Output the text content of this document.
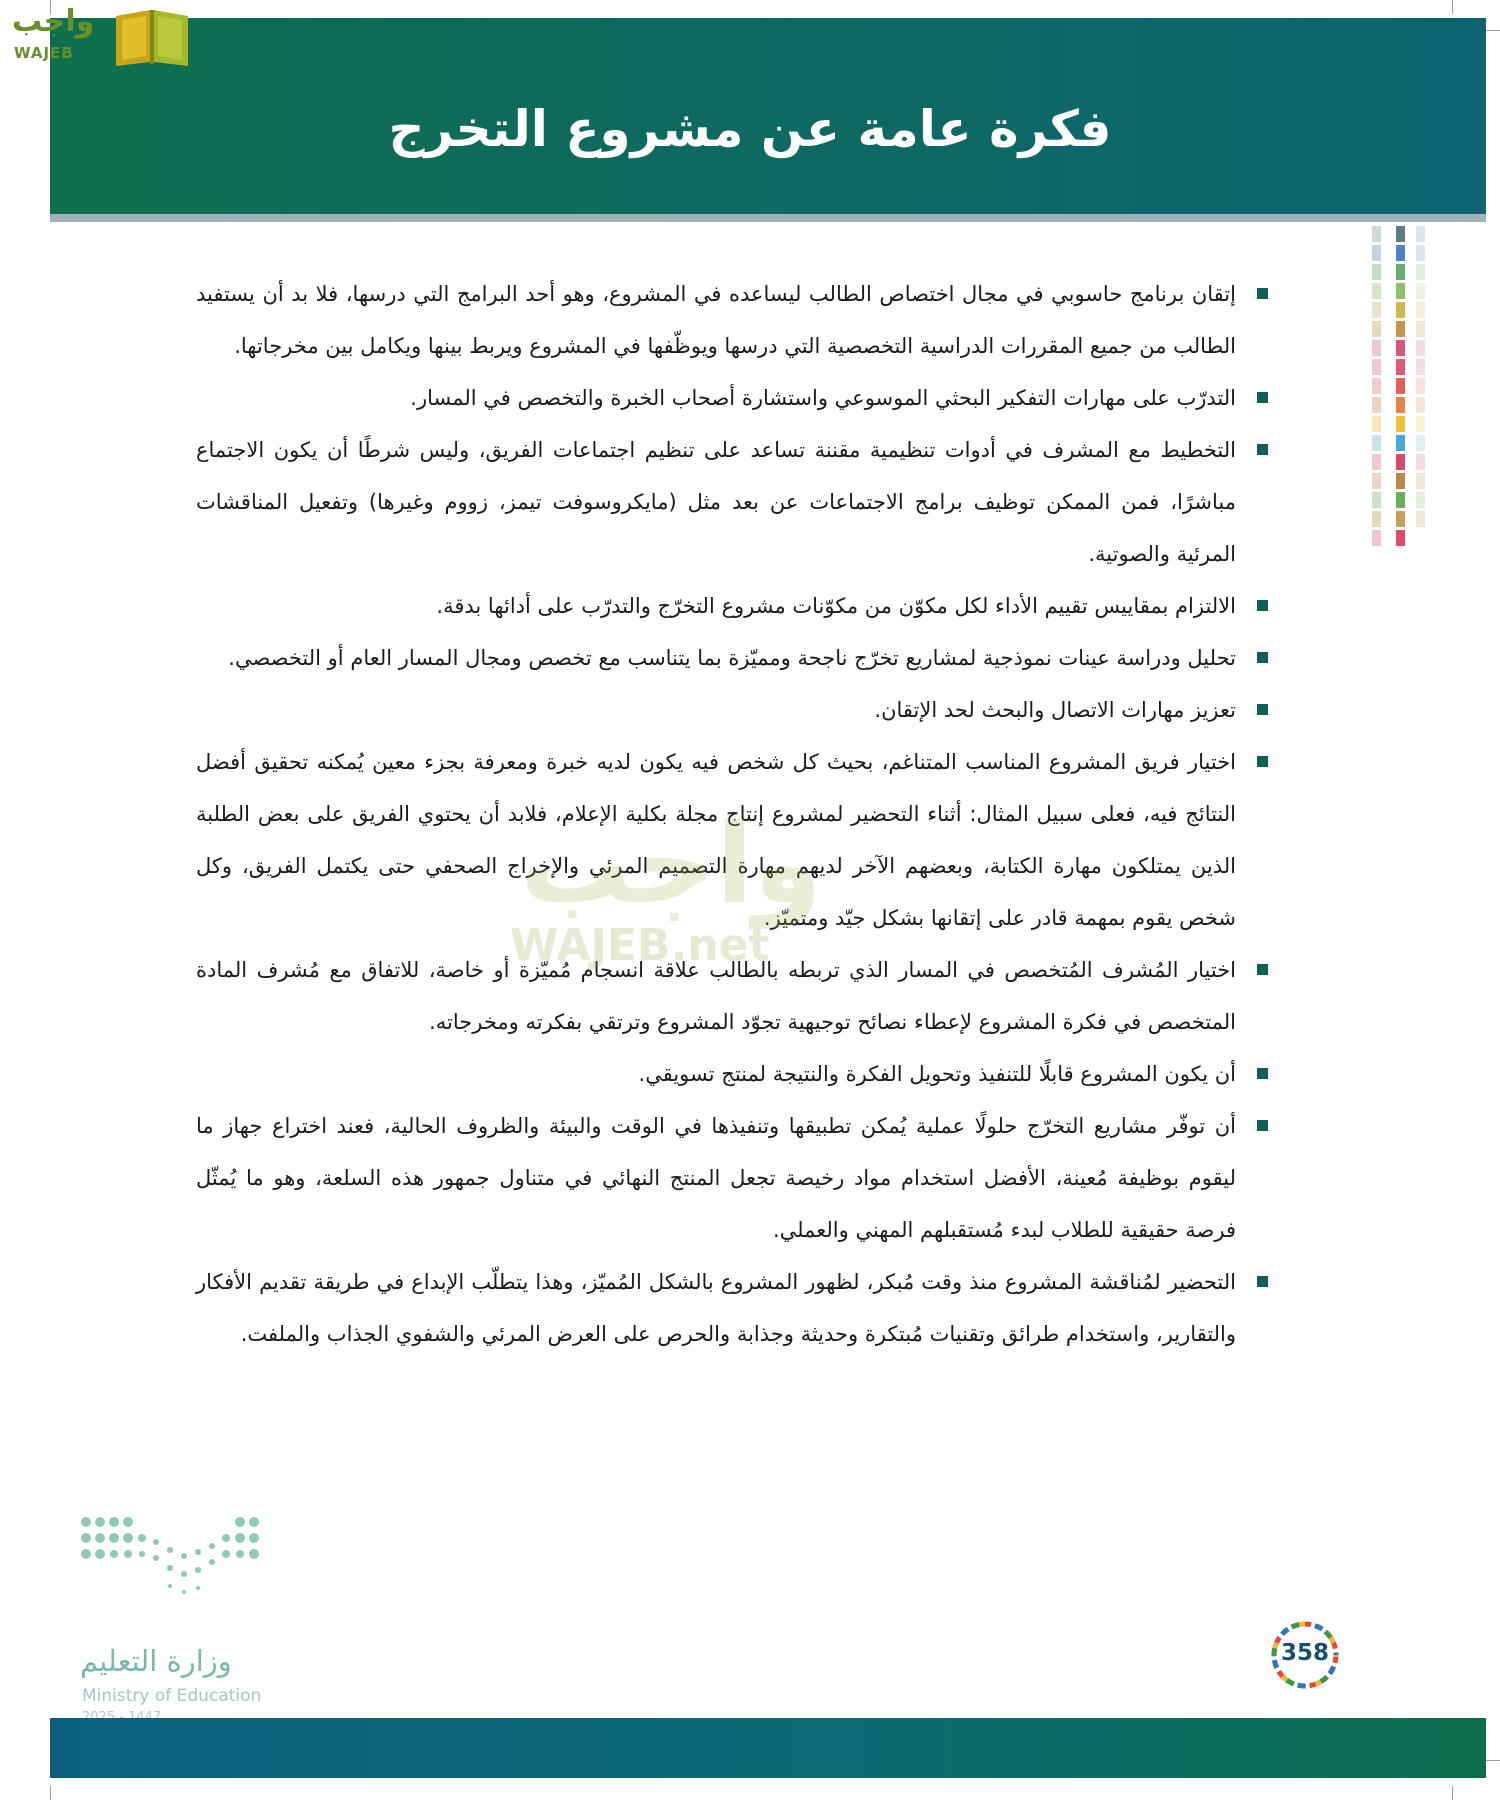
فكرة عامة عن مشروع التخرج
واجب
WAJEB

إتقان برنامج حاسوبي في مجال اختصاص الطالب ليساعده في المشروع، وهو أحد البرامج التي درسها، فلا بد أن يستفيد الطالب من جميع المقررات الدراسية التخصصية التي درسها ويوظّفها في المشروع ويربط بينها ويكامل بين مخرجاتها.

التدرّب على مهارات التفكير البحثي الموسوعي واستشارة أصحاب الخبرة والتخصص في المسار.

التخطيط مع المشرف في أدوات تنظيمية مقننة تساعد على تنظيم اجتماعات الفريق، وليس شرطًا أن يكون الاجتماع مباشرًا، فمن الممكن توظيف برامج الاجتماعات عن بعد مثل (مايكروسوفت تيمز، زووم وغيرها) وتفعيل المناقشات المرئية والصوتية.

الالتزام بمقاييس تقييم الأداء لكل مكوّن من مكوّنات مشروع التخرّج والتدرّب على أدائها بدقة.

تحليل ودراسة عينات نموذجية لمشاريع تخرّج ناجحة ومميّزة بما يتناسب مع تخصص ومجال المسار العام أو التخصصي.

تعزيز مهارات الاتصال والبحث لحد الإتقان.

اختيار فريق المشروع المناسب المتناغم، بحيث كل شخص فيه يكون لديه خبرة ومعرفة بجزء معين يُمكنه تحقيق أفضل النتائج فيه، فعلى سبيل المثال: أثناء التحضير لمشروع إنتاج مجلة بكلية الإعلام، فلابد أن يحتوي الفريق على بعض الطلبة الذين يمتلكون مهارة الكتابة، وبعضهم الآخر لديهم مهارة التصميم المرئي والإخراج الصحفي حتى يكتمل الفريق، وكل شخص يقوم بمهمة قادر على إتقانها بشكل جيّد ومتميّز.

اختيار المُشرف المُتخصص في المسار الذي تربطه بالطالب علاقة انسجام مُميّزة أو خاصة، للاتفاق مع مُشرف المادة المتخصص في فكرة المشروع لإعطاء نصائح توجيهية تجوّد المشروع وترتقي بفكرته ومخرجاته.

أن يكون المشروع قابلًا للتنفيذ وتحويل الفكرة والنتيجة لمنتج تسويقي.

أن توفّر مشاريع التخرّج حلولًا عملية يُمكن تطبيقها وتنفيذها في الوقت والبيئة والظروف الحالية، فعند اختراع جهاز ما ليقوم بوظيفة مُعينة، الأفضل استخدام مواد رخيصة تجعل المنتج النهائي في متناول جمهور هذه السلعة، وهو ما يُمثّل فرصة حقيقية للطلاب لبدء مُستقبلهم المهني والعملي.

التحضير لمُناقشة المشروع منذ وقت مُبكر، لظهور المشروع بالشكل المُميّز، وهذا يتطلّب الإبداع في طريقة تقديم الأفكار والتقارير، واستخدام طرائق وتقنيات مُبتكرة وحديثة وجذابة والحرص على العرض المرئي والشفوي الجذاب والملفت.

واجب
WAJEB.net
وزارة التعليم
Ministry of Education
358
